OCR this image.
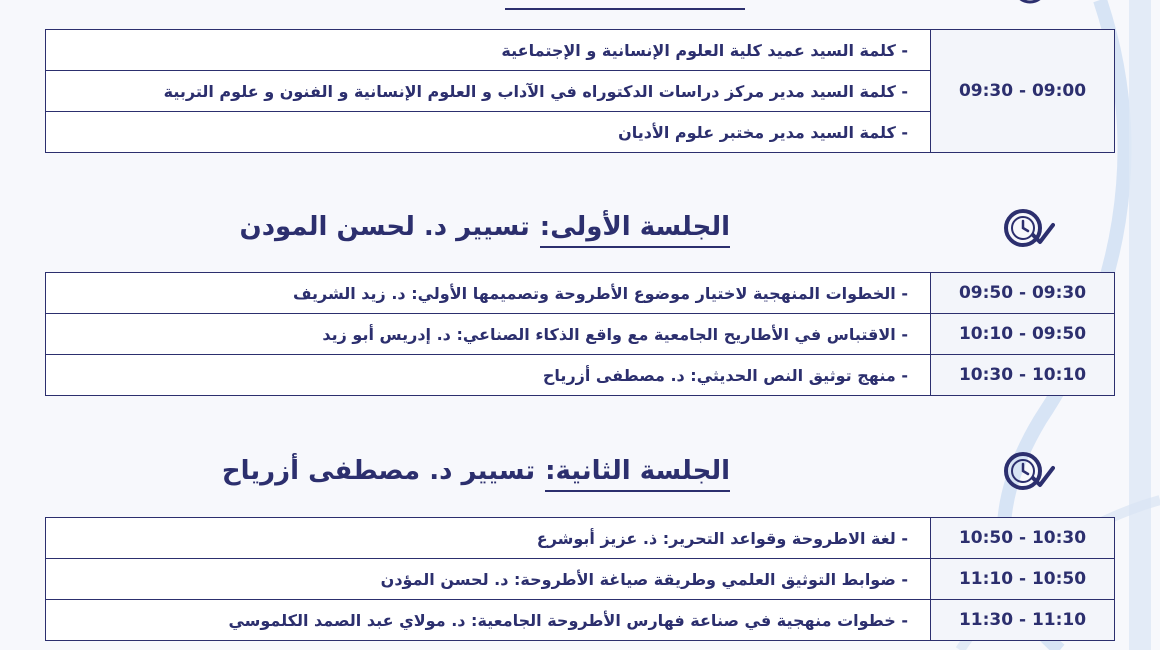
- كلمة السيد عميد كلية العلوم الإنسانية و الإجتماعية	09:30 - 09:00
- كلمة السيد مدير مركز دراسات الدكتوراه في الآداب و العلوم الإنسانية و الفنون و علوم التربية
- كلمة السيد مدير مختبر علوم الأديان
الجلسة الأولى:
تسيير د. لحسن المودن
- الخطوات المنهجية لاختيار موضوع الأطروحة وتصميمها الأولي: د. زيد الشريف	09:50 - 09:30
- الاقتباس في الأطاريح الجامعية مع واقع الذكاء الصناعي: د. إدريس أبو زيد	10:10 - 09:50
- منهج توثيق النص الحديثي: د. مصطفى أزرياح	10:30 - 10:10
الجلسة الثانية:
تسيير د. مصطفى أزرياح
- لغة الاطروحة وقواعد التحرير: ذ. عزيز أبوشرع	10:50 - 10:30
- ضوابط التوثيق العلمي وطريقة صياغة الأطروحة: د. لحسن المؤدن	11:10 - 10:50
- خطوات منهجية في صناعة فهارس الأطروحة الجامعية: د. مولاي عبد الصمد الكلموسي	11:30 - 11:10
